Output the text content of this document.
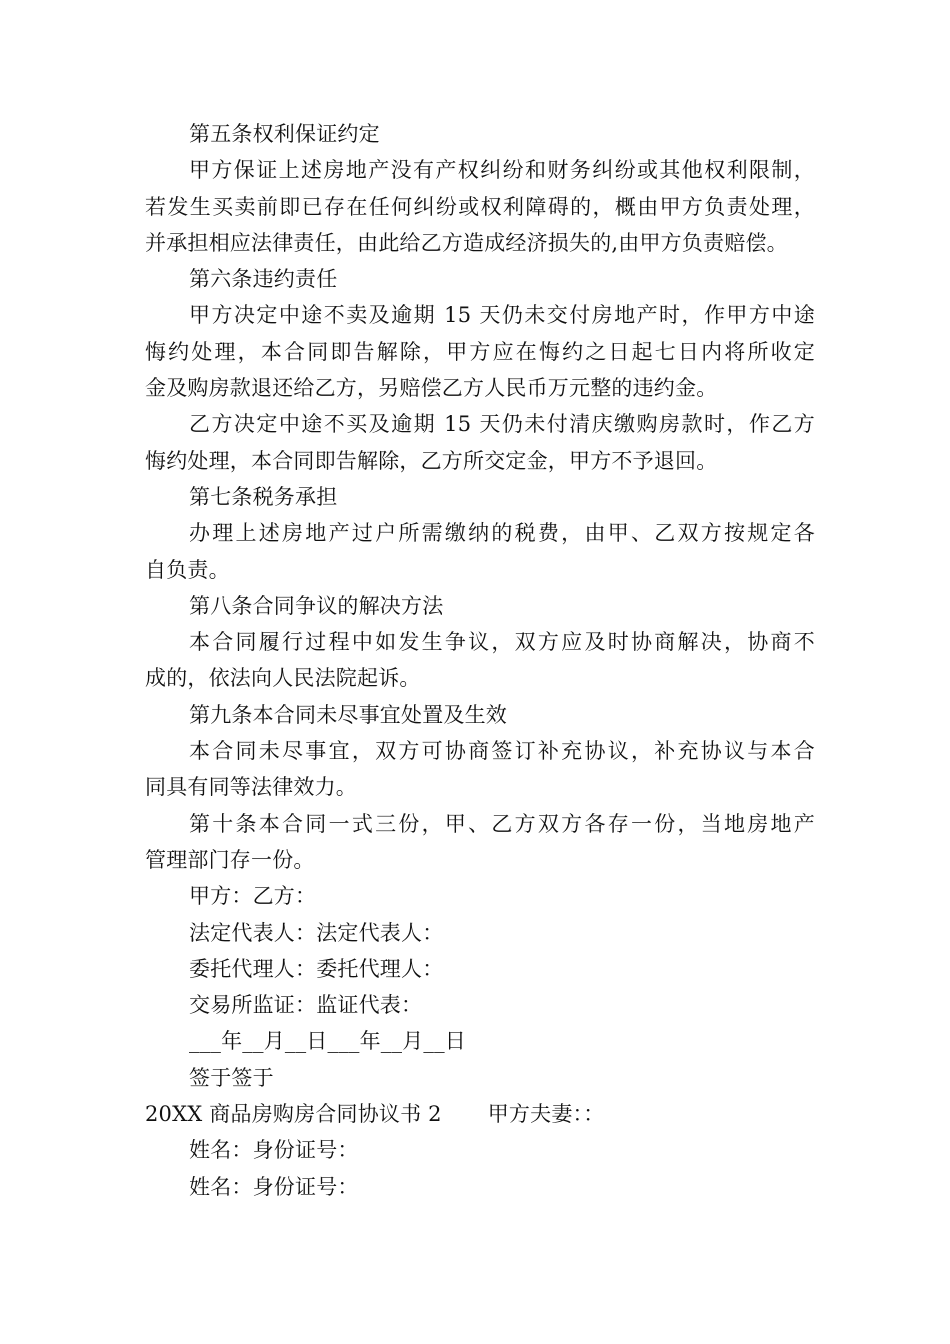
第五条权利保证约定
甲方保证上述房地产没有产权纠纷和财务纠纷或其他权利限制，
若发生买卖前即已存在任何纠纷或权利障碍的，概由甲方负责处理，
并承担相应法律责任，由此给乙方造成经济损失的,由甲方负责赔偿。
第六条违约责任
甲方决定中途不卖及逾期 15 天仍未交付房地产时，作甲方中途
悔约处理，本合同即告解除，甲方应在悔约之日起七日内将所收定
金及购房款退还给乙方，另赔偿乙方人民币万元整的违约金。
乙方决定中途不买及逾期 15 天仍未付清庆缴购房款时，作乙方
悔约处理，本合同即告解除，乙方所交定金，甲方不予退回。
第七条税务承担
办理上述房地产过户所需缴纳的税费，由甲、乙双方按规定各
自负责。
第八条合同争议的解决方法
本合同履行过程中如发生争议，双方应及时协商解决，协商不
成的，依法向人民法院起诉。
第九条本合同未尽事宜处置及生效
本合同未尽事宜，双方可协商签订补充协议，补充协议与本合
同具有同等法律效力。
第十条本合同一式三份，甲、乙方双方各存一份，当地房地产
管理部门存一份。
甲方：乙方：
法定代表人：法定代表人：
委托代理人：委托代理人：
交易所监证：监证代表：
___年__月__日___年__月__日
签于签于
20XX 商品房购房合同协议书 2 甲方夫妻：：
姓名：身份证号：
姓名：身份证号：
